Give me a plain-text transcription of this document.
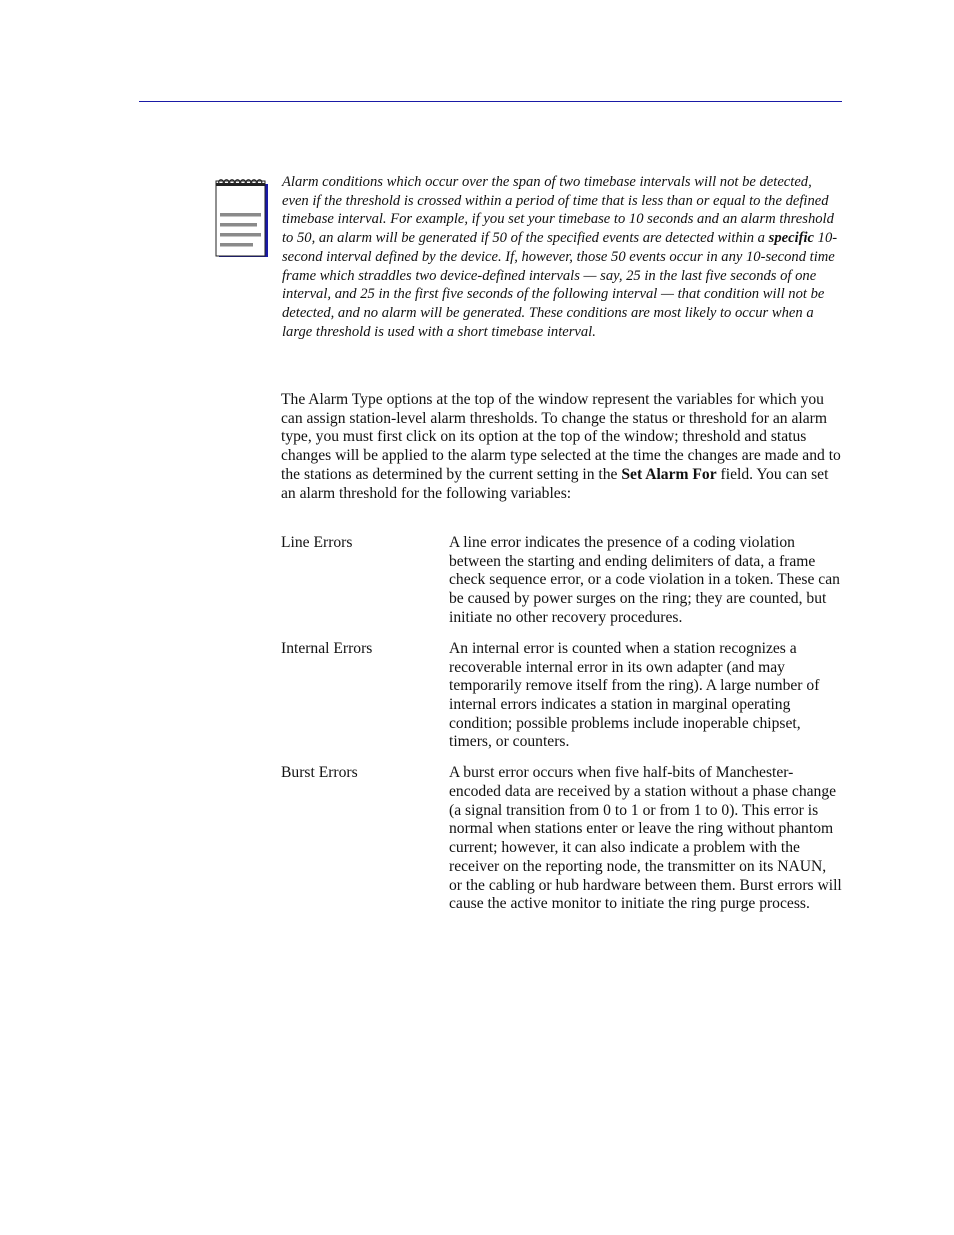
Alarm conditions which occur over the span of two timebase intervals will not be detected, even if the threshold is crossed within a period of time that is less than or equal to the defined timebase interval. For example, if you set your timebase to 10 seconds and an alarm threshold to 50, an alarm will be generated if 50 of the specified events are detected within a specific 10-second interval defined by the device. If, however, those 50 events occur in any 10-second time frame which straddles two device-defined intervals — say, 25 in the last five seconds of one interval, and 25 in the first five seconds of the following interval — that condition will not be detected, and no alarm will be generated. These conditions are most likely to occur when a large threshold is used with a short timebase interval.

The Alarm Type options at the top of the window represent the variables for which you can assign station-level alarm thresholds. To change the status or threshold for an alarm type, you must first click on its option at the top of the window; threshold and status changes will be applied to the alarm type selected at the time the changes are made and to the stations as determined by the current setting in the Set Alarm For field. You can set an alarm threshold for the following variables:

Line Errors	A line error indicates the presence of a coding violation between the starting and ending delimiters of data, a frame check sequence error, or a code violation in a token. These can be caused by power surges on the ring; they are counted, but initiate no other recovery procedures.
Internal Errors	An internal error is counted when a station recognizes a recoverable internal error in its own adapter (and may temporarily remove itself from the ring). A large number of internal errors indicates a station in marginal operating condition; possible problems include inoperable chipset, timers, or counters.
Burst Errors	A burst error occurs when five half-bits of Manchester-encoded data are received by a station without a phase change (a signal transition from 0 to 1 or from 1 to 0). This error is normal when stations enter or leave the ring without phantom current; however, it can also indicate a problem with the receiver on the reporting node, the transmitter on its NAUN, or the cabling or hub hardware between them. Burst errors will cause the active monitor to initiate the ring purge process.
